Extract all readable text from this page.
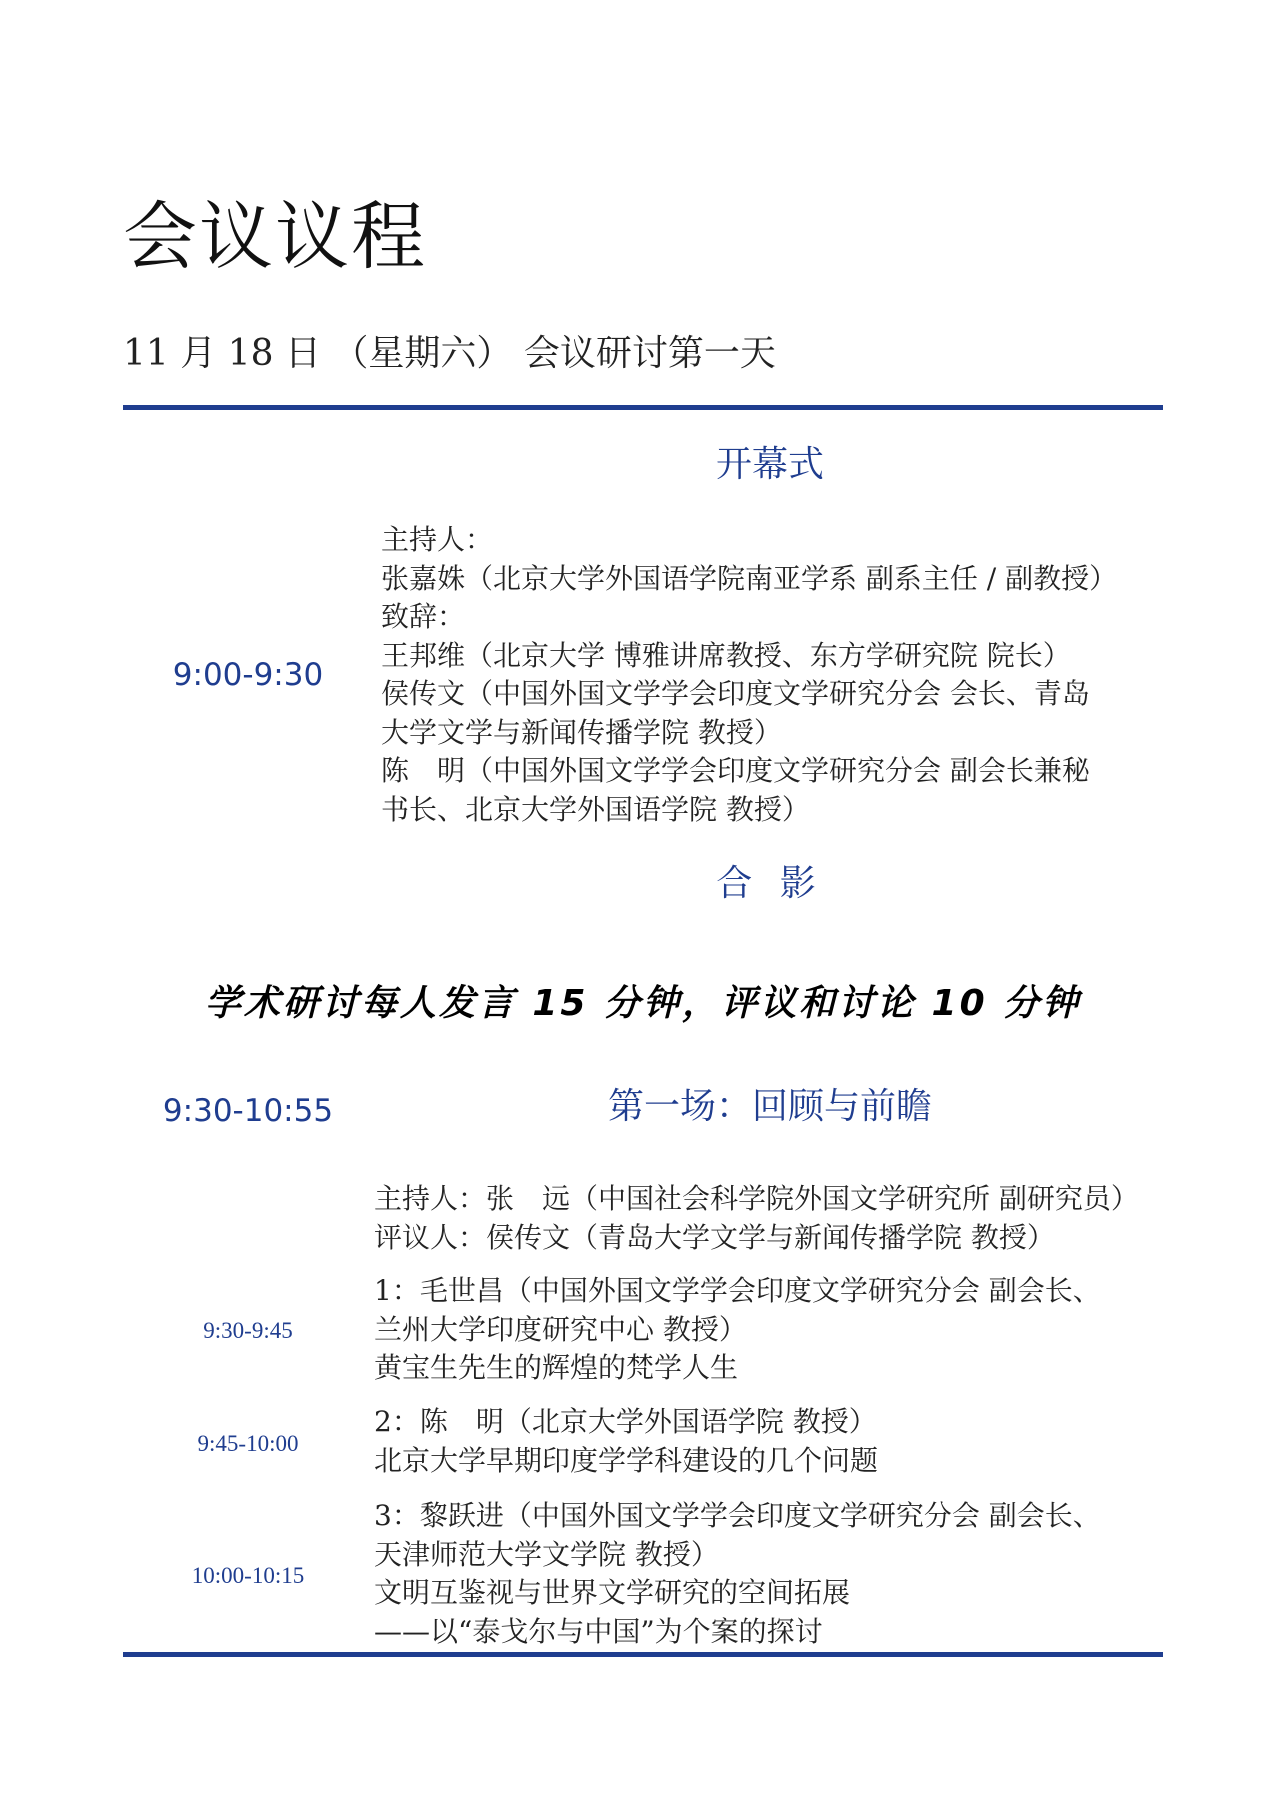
会议议程
11 月 18 日 （星期六） 会议研讨第一天
开幕式
9:00-9:30
主持人：
张嘉姝（北京大学外国语学院南亚学系 副系主任 / 副教授）
致辞：
王邦维（北京大学 博雅讲席教授、东方学研究院 院长）
侯传文（中国外国文学学会印度文学研究分会 会长、青岛
大学文学与新闻传播学院 教授）
陈　明（中国外国文学学会印度文学研究分会 副会长兼秘
书长、北京大学外国语学院 教授）
合 影
学术研讨每人发言 15 分钟，评议和讨论 10 分钟
9:30-10:55	第一场：回顾与前瞻
主持人：张　远（中国社会科学院外国文学研究所 副研究员）
评议人：侯传文（青岛大学文学与新闻传播学院 教授）
9:30-9:45
1：毛世昌（中国外国文学学会印度文学研究分会 副会长、
兰州大学印度研究中心 教授）
黄宝生先生的辉煌的梵学人生
9:45-10:00
2：陈　明（北京大学外国语学院 教授）
北京大学早期印度学学科建设的几个问题
10:00-10:15
3：黎跃进（中国外国文学学会印度文学研究分会 副会长、
天津师范大学文学院 教授）
文明互鉴视与世界文学研究的空间拓展
——以“泰戈尔与中国”为个案的探讨
